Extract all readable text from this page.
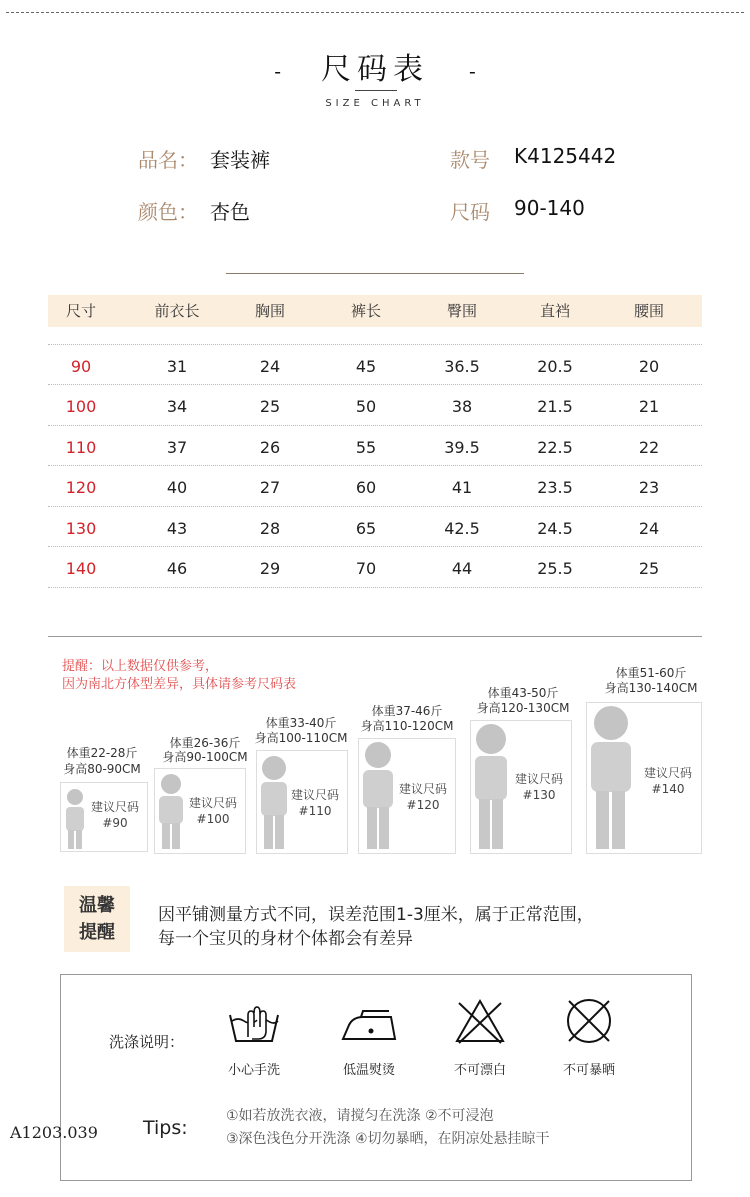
- 尺码表 -
SIZE CHART
品名： 套装裤	款号 K4125442
颜色： 杏色	尺码 90-140
尺寸	前衣长	胸围	裤长	臀围	直裆	腰围
90	31	24	45	36.5	20.5	20
100	34	25	50	38	21.5	21
110	37	26	55	39.5	22.5	22
120	40	27	60	41	23.5	23
130	43	28	65	42.5	24.5	24
140	46	29	70	44	25.5	25
提醒：以上数据仅供参考，
因为南北方体型差异，具体请参考尺码表
体重22-28斤
身高80-90CM
建议尺码
#90
体重26-36斤
身高90-100CM
建议尺码
#100
体重33-40斤
身高100-110CM
建议尺码
#110
体重37-46斤
身高110-120CM
建议尺码
#120
体重43-50斤
身高120-130CM
建议尺码
#130
体重51-60斤
身高130-140CM
建议尺码
#140
温馨
提醒
因平铺测量方式不同，误差范围1-3厘米，属于正常范围，
每一个宝贝的身材个体都会有差异
洗涤说明：
小心手洗	低温熨烫	不可漂白	不可暴晒
Tips:
①如若放洗衣液，请搅匀在洗涤 ②不可浸泡
③深色浅色分开洗涤 ④切勿暴晒，在阴凉处悬挂晾干
A1203.039
